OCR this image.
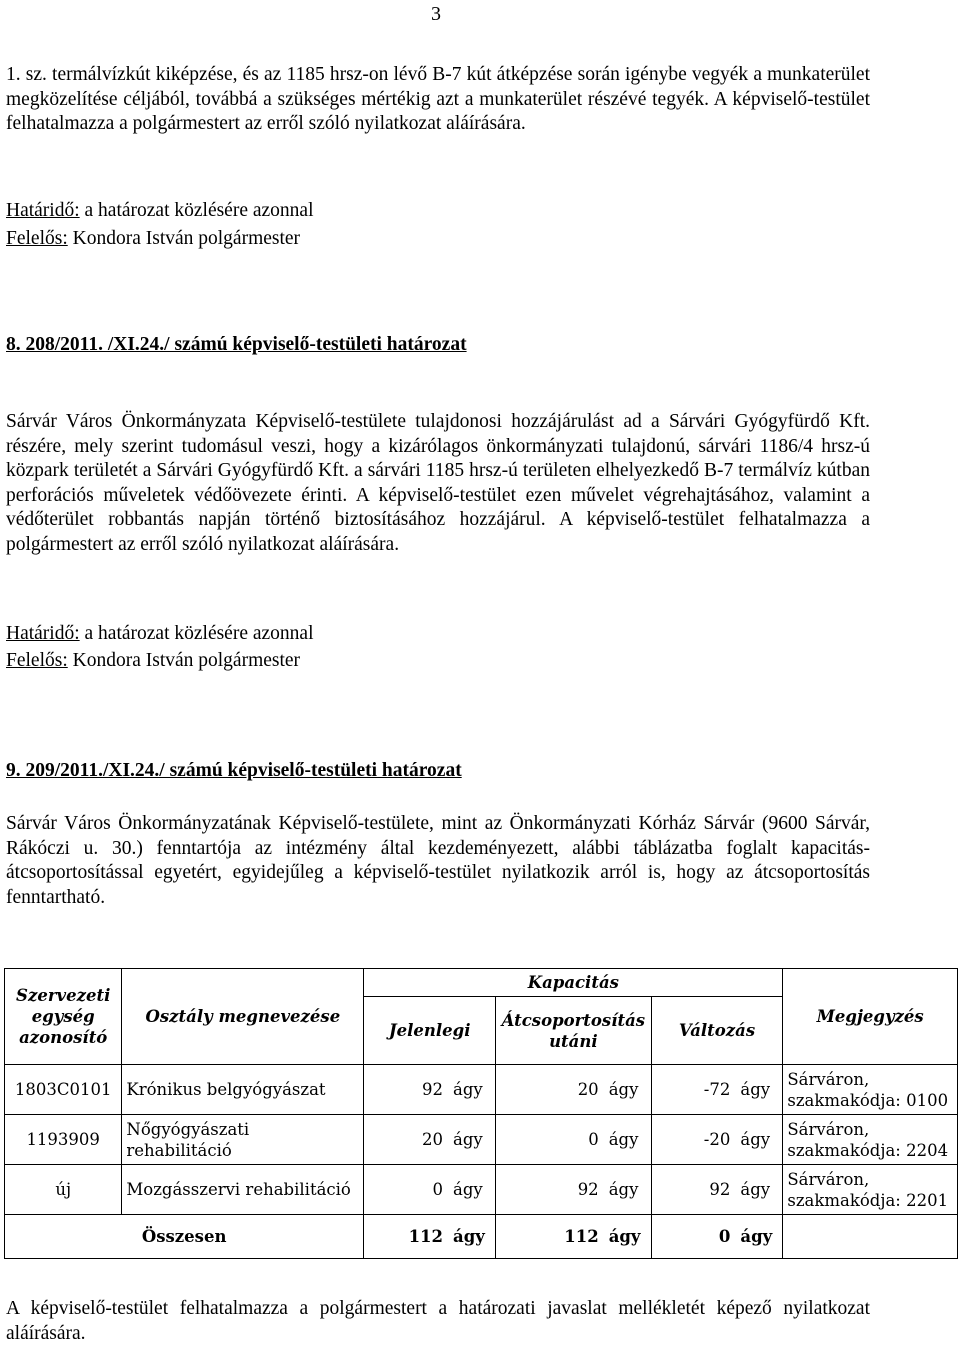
3
1. sz. termálvízkút kiképzése, és az 1185 hrsz-on lévő B-7 kút átképzése során igénybe vegyék a munkaterület megközelítése céljából, továbbá a szükséges mértékig azt a munkaterület részévé tegyék. A képviselő-testület felhatalmazza a polgármestert az erről szóló nyilatkozat aláírására.
Határidő: a határozat közlésére azonnal
Felelős: Kondora István polgármester
8. 208/2011. /XI.24./ számú képviselő-testületi határozat
Sárvár Város Önkormányzata Képviselő-testülete tulajdonosi hozzájárulást ad a Sárvári Gyógyfürdő Kft. részére, mely szerint tudomásul veszi, hogy a kizárólagos önkormányzati tulajdonú, sárvári 1186/4 hrsz-ú közpark területét a Sárvári Gyógyfürdő Kft. a sárvári 1185 hrsz-ú területen elhelyezkedő B-7 termálvíz kútban perforációs műveletek védőövezete érinti. A képviselő-testület ezen művelet végrehajtásához, valamint a védőterület robbantás napján történő biztosításához hozzájárul. A képviselő-testület felhatalmazza a polgármestert az erről szóló nyilatkozat aláírására.
Határidő: a határozat közlésére azonnal
Felelős: Kondora István polgármester
9. 209/2011./XI.24./ számú képviselő-testületi határozat
Sárvár Város Önkormányzatának Képviselő-testülete, mint az Önkormányzati Kórház Sárvár (9600 Sárvár, Rákóczi u. 30.) fenntartója az intézmény által kezdeményezett, alábbi táblázatba foglalt kapacitás-átcsoportosítással egyetért, egyidejűleg a képviselő-testület nyilatkozik arról is, hogy az átcsoportosítás fenntartható.
Szervezeti egység azonosító	Osztály megnevezése	Kapacitás			Megjegyzés
		Jelenlegi	Átcsoportosítás utáni	Változás	
1803C0101	Krónikus belgyógyászat	92 ágy	20 ágy	-72 ágy	Sárváron, szakmakódja: 0100
1193909	Nőgyógyászati rehabilitáció	20 ágy	0 ágy	-20 ágy	Sárváron, szakmakódja: 2204
új	Mozgásszervi rehabilitáció	0 ágy	92 ágy	92 ágy	Sárváron, szakmakódja: 2201
Összesen		112 ágy	112 ágy	0 ágy	

A képviselő-testület felhatalmazza a polgármestert a határozati javaslat mellékletét képező nyilatkozat aláírására.
